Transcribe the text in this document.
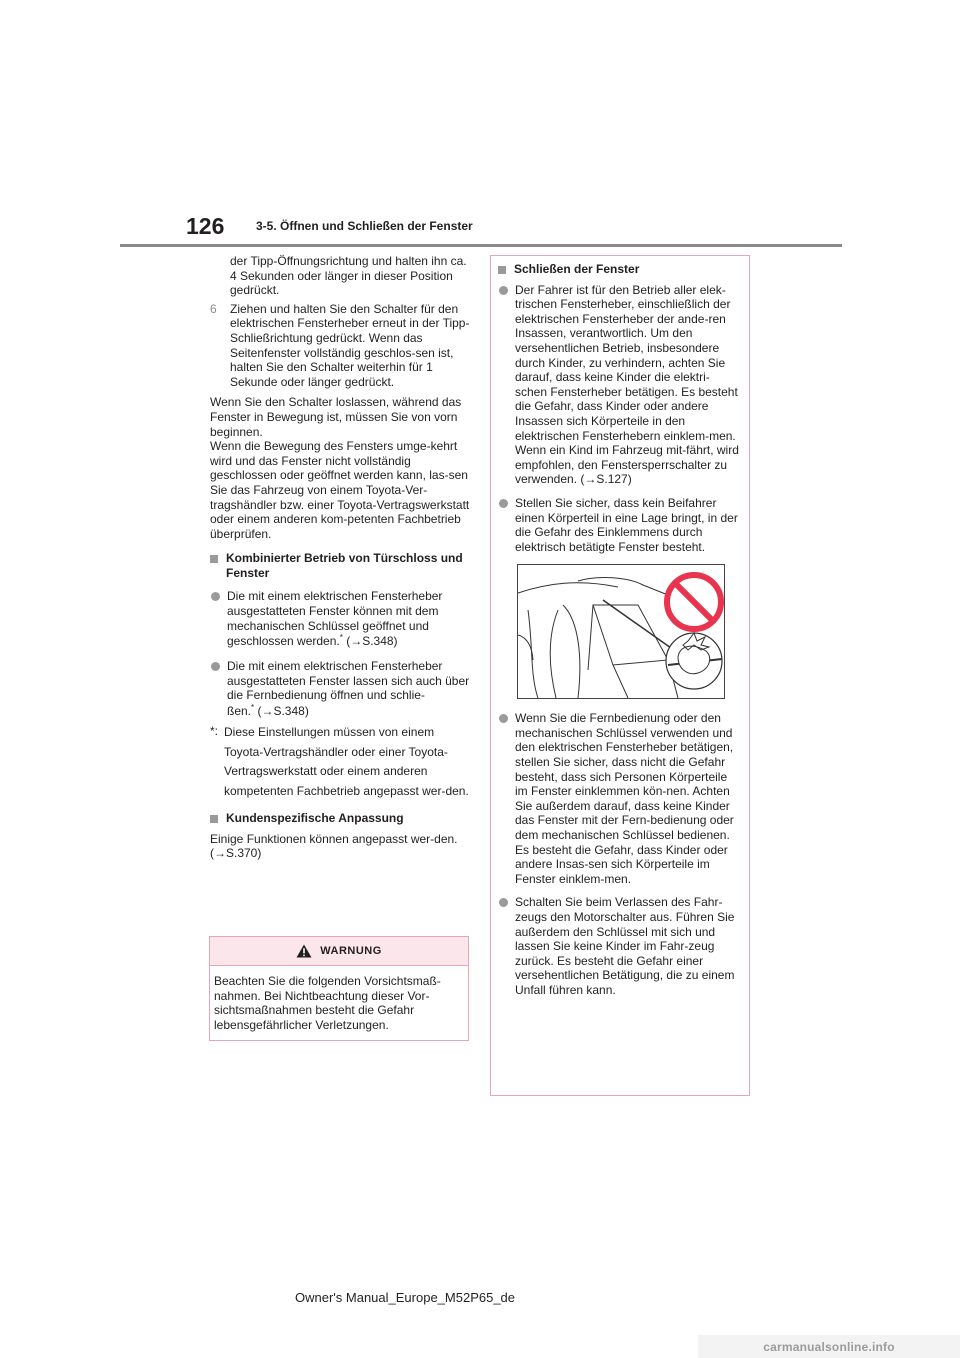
126	3-5. Öffnen und Schließen der Fenster

der Tipp-Öffnungsrichtung und halten ihn ca. 4 Sekunden oder länger in dieser Position gedrückt.

6	Ziehen und halten Sie den Schalter für den elektrischen Fensterheber erneut in der Tipp-Schließrichtung gedrückt. Wenn das Seitenfenster vollständig geschlos-sen ist, halten Sie den Schalter weiterhin für 1 Sekunde oder länger gedrückt.

Wenn Sie den Schalter loslassen, während das Fenster in Bewegung ist, müssen Sie von vorn beginnen.

Wenn die Bewegung des Fensters umge-kehrt wird und das Fenster nicht vollständig geschlossen oder geöffnet werden kann, las-sen Sie das Fahrzeug von einem Toyota-Ver-tragshändler bzw. einer Toyota-Vertragswerkstatt oder einem anderen kom-petenten Fachbetrieb überprüfen.

Kombinierter Betrieb von Türschloss und Fenster
Die mit einem elektrischen Fensterheber ausgestatteten Fenster können mit dem mechanischen Schlüssel geöffnet und
geschlossen werden.* (→S.348)
Die mit einem elektrischen Fensterheber ausgestatteten Fenster lassen sich auch über die Fernbedienung öffnen und schlie-
ßen.* (→S.348)
*: Diese Einstellungen müssen von einem Toyota-Vertragshändler oder einer Toyota-Vertragswerkstatt oder einem anderen kompetenten Fachbetrieb angepasst wer-den.
Kundenspezifische Anpassung

Einige Funktionen können angepasst wer-den. (→S.370)

WARNUNG
Beachten Sie die folgenden Vorsichtsmaß-nahmen. Bei Nichtbeachtung dieser Vor-sichtsmaßnahmen besteht die Gefahr lebensgefährlicher Verletzungen.
Schließen der Fenster
Der Fahrer ist für den Betrieb aller elek-trischen Fensterheber, einschließlich der elektrischen Fensterheber der ande-ren Insassen, verantwortlich. Um den versehentlichen Betrieb, insbesondere durch Kinder, zu verhindern, achten Sie darauf, dass keine Kinder die elektri-schen Fensterheber betätigen. Es besteht die Gefahr, dass Kinder oder andere Insassen sich Körperteile in den elektrischen Fensterhebern einklem-men. Wenn ein Kind im Fahrzeug mit-fährt, wird empfohlen, den Fenstersperrschalter zu verwenden. (→S.127)
Stellen Sie sicher, dass kein Beifahrer einen Körperteil in eine Lage bringt, in der die Gefahr des Einklemmens durch elektrisch betätigte Fenster besteht.
Wenn Sie die Fernbedienung oder den mechanischen Schlüssel verwenden und den elektrischen Fensterheber betätigen, stellen Sie sicher, dass nicht die Gefahr besteht, dass sich Personen Körperteile im Fenster einklemmen kön-nen. Achten Sie außerdem darauf, dass keine Kinder das Fenster mit der Fern-bedienung oder dem mechanischen Schlüssel bedienen. Es besteht die Gefahr, dass Kinder oder andere Insas-sen sich Körperteile im Fenster einklem-men.
Schalten Sie beim Verlassen des Fahr-zeugs den Motorschalter aus. Führen Sie außerdem den Schlüssel mit sich und lassen Sie keine Kinder im Fahr-zeug zurück. Es besteht die Gefahr einer versehentlichen Betätigung, die zu einem Unfall führen kann.
Owner's Manual_Europe_M52P65_de
carmanualsonline.info
